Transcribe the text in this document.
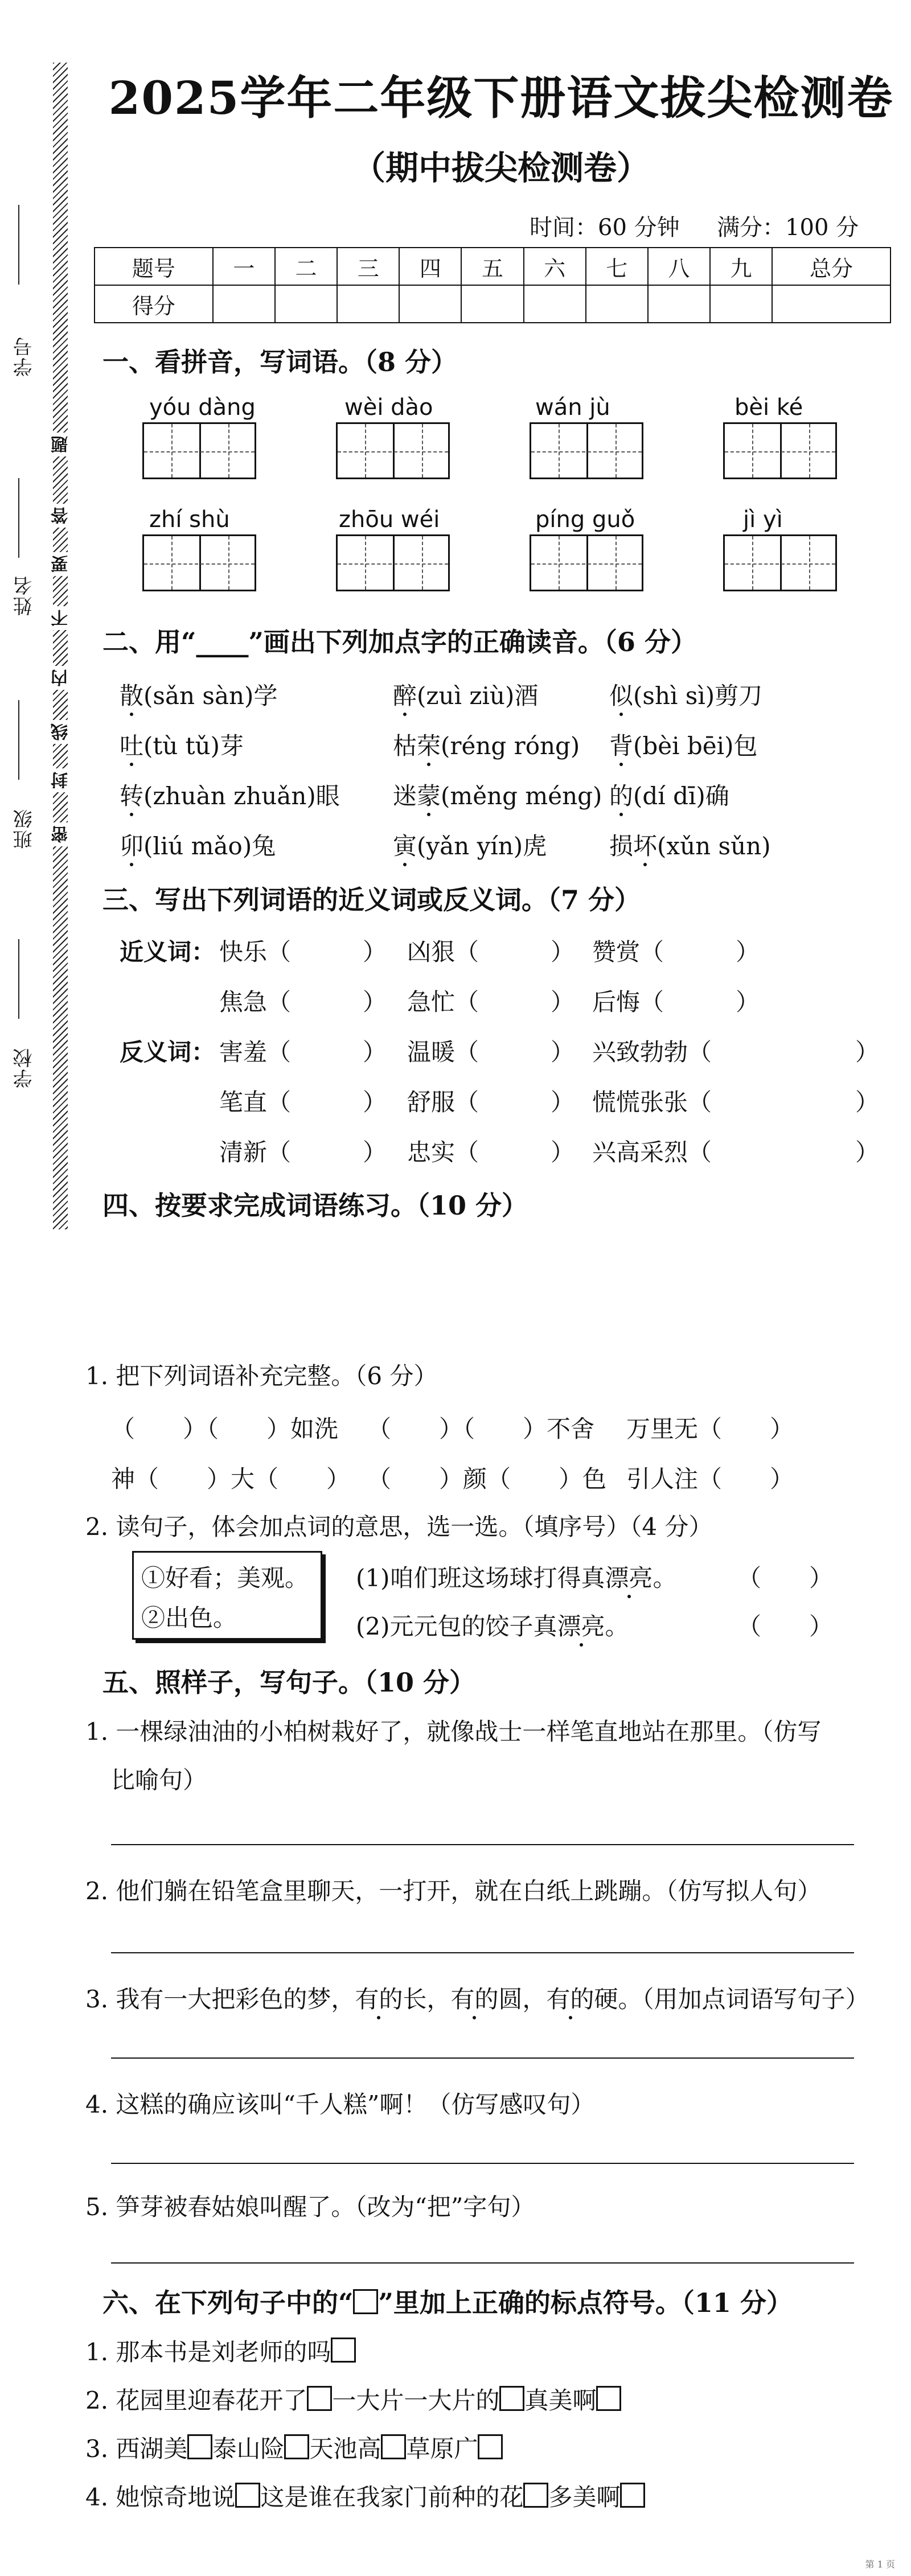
题
答
要
不
内
线
封
密
学号
姓名
班级
学校
2025学年二年级下册语文拔尖检测卷
（期中拔尖检测卷）
时间：60 分钟 满分：100 分
题号	一	二	三	四	五	六	七	八	九	总分
得分										
一、看拼音，写词语。（8 分）
yóu dàng	wèi dào	wán jù	bèi ké
zhí shù	zhōu wéi	píng guǒ	jì yì
二、用“____”画出下列加点字的正确读音。（6 分）
散(sǎn sàn)学	醉(zuì ziù)酒	似(shì sì)剪刀
吐(tù tǔ)芽	枯荣(réng róng) 背(bèi bēi)包
转(zhuàn zhuǎn)眼 迷蒙(měng méng) 的(dí dī)确
卯(liú mǎo)兔	寅(yǎn yín)虎	损坏(xǔn sǔn)
三、写出下列词语的近义词或反义词。（7 分）
近义词： 快乐（　　　） 凶狠（　　　） 赞赏（　　　）
焦急（　　　） 急忙（　　　） 后悔（　　　）
反义词： 害羞（　　　） 温暖（　　　） 兴致勃勃（　　　　　　）
笔直（　　　） 舒服（　　　） 慌慌张张（　　　　　　）
清新（　　　） 忠实（　　　） 兴高采烈（　　　　　　）
四、按要求完成词语练习。（10 分）
1. 把下列词语补充完整。（6 分）
（　　）（　　）如洗 （　　）（　　）不舍 万里无（　　）
神（　　）大（　　） （　　）颜（　　）色 引人注（　　）
2. 读句子，体会加点词的意思，选一选。（填序号）（4 分）
①好看；美观。
②出色。
(1)咱们班这场球打得真漂亮。	（　　）
(2)元元包的饺子真漂亮。	（　　）
五、照样子，写句子。（10 分）
1. 一棵绿油油的小柏树栽好了，就像战士一样笔直地站在那里。（仿写
比喻句）
2. 他们躺在铅笔盒里聊天，一打开，就在白纸上跳蹦。（仿写拟人句）
3. 我有一大把彩色的梦，有的长，有的圆，有的硬。（用加点词语写句子）
4. 这糕的确应该叫“千人糕”啊！（仿写感叹句）
5. 笋芽被春姑娘叫醒了。（改为“把”字句）
六、在下列句子中的“ ”里加上正确的标点符号。（11 分）
1. 那本书是刘老师的吗
2. 花园里迎春花开了 一大片一大片的 真美啊
3. 西湖美 泰山险 天池高 草原广
4. 她惊奇地说 这是谁在我家门前种的花 多美啊
第 1 页
